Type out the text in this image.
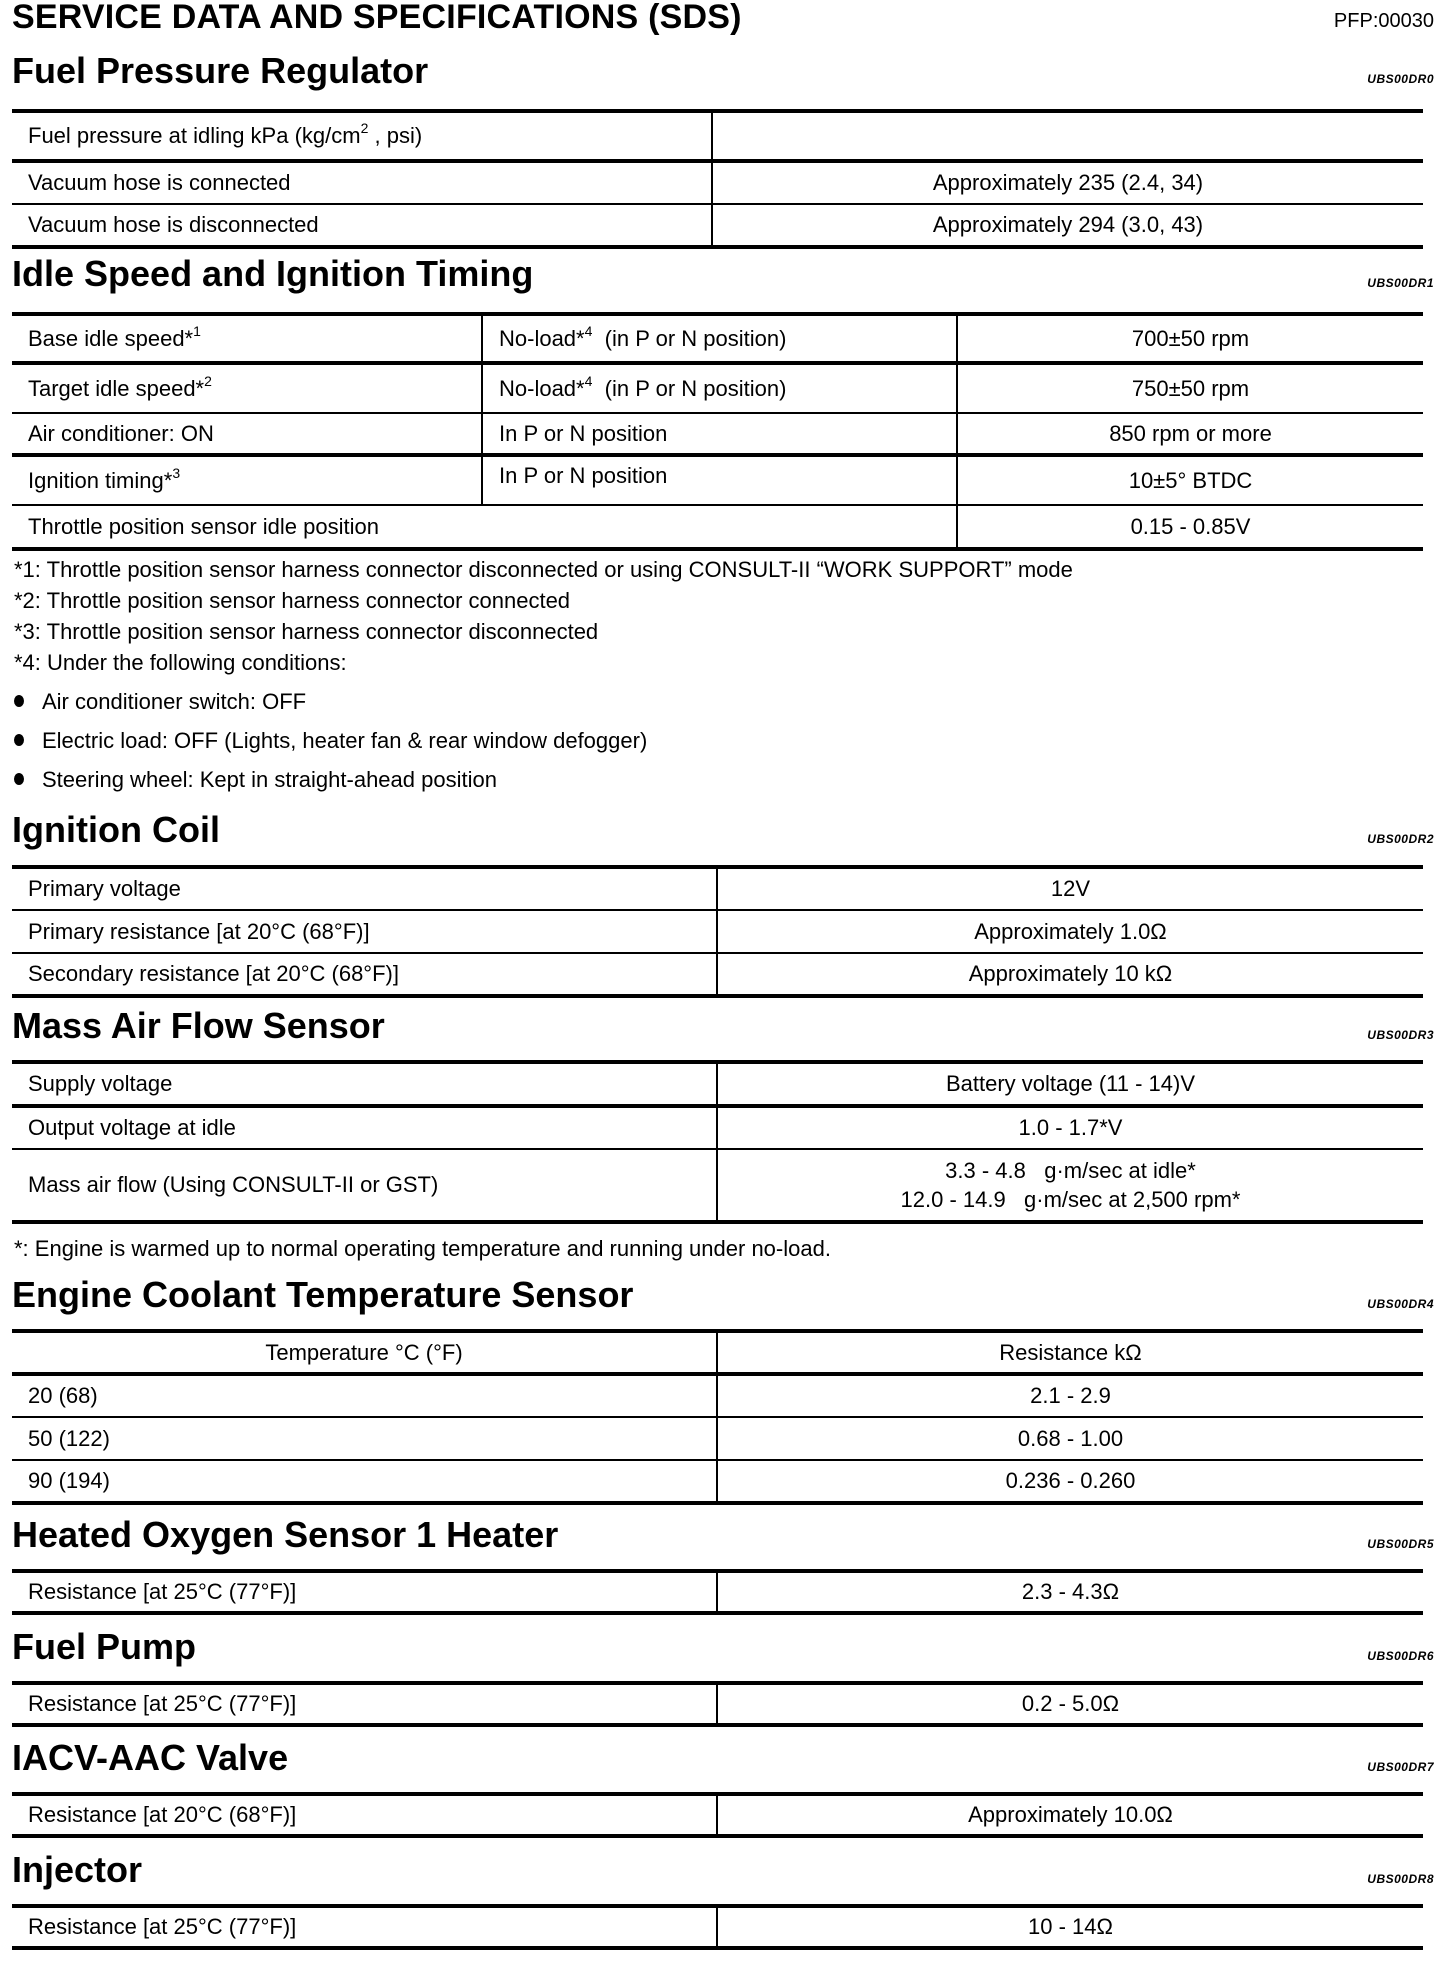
SERVICE DATA AND SPECIFICATIONS (SDS)	PFP:00030
Fuel Pressure Regulator	UBS00DR0
Fuel pressure at idling kPa ($kg/cm^2$ , psi)	
Vacuum hose is connected	Approximately 235 (2.4, 34)
Vacuum hose is disconnected	Approximately 294 (3.0, 43)
Idle Speed and Ignition Timing	UBS00DR1
Base idle speed*$^1$	No-load*$^4$  (in P or N position)	700±50 rpm
Target idle speed*$^2$	No-load*$^4$  (in P or N position)	750±50 rpm
Air conditioner: ON	In P or N position	850 rpm or more
Ignition timing*$^3$	In P or N position	10±5° BTDC
Throttle position sensor idle position		0.15 - 0.85V
*1: Throttle position sensor harness connector disconnected or using CONSULT-II “WORK SUPPORT” mode
*2: Throttle position sensor harness connector connected
*3: Throttle position sensor harness connector disconnected
*4: Under the following conditions:
Air conditioner switch: OFF
Electric load: OFF (Lights, heater fan & rear window defogger)
Steering wheel: Kept in straight-ahead position
Ignition Coil	UBS00DR2
Primary voltage	12V
Primary resistance [at 20°C (68°F)]	Approximately 1.0Ω
Secondary resistance [at 20°C (68°F)]	Approximately 10 kΩ
Mass Air Flow Sensor	UBS00DR3
Supply voltage	Battery voltage (11 - 14)V
Output voltage at idle	1.0 - 1.7*V
Mass air flow (Using CONSULT-II or GST)	3.3 - 4.8   g·m/sec at idle*
12.0 - 14.9   g·m/sec at 2,500 rpm*
*: Engine is warmed up to normal operating temperature and running under no-load.
Engine Coolant Temperature Sensor	UBS00DR4
Temperature °C (°F)	Resistance kΩ
20 (68)	2.1 - 2.9
50 (122)	0.68 - 1.00
90 (194)	0.236 - 0.260
Heated Oxygen Sensor 1 Heater	UBS00DR5
Resistance [at 25°C (77°F)]	2.3 - 4.3Ω
Fuel Pump	UBS00DR6
Resistance [at 25°C (77°F)]	0.2 - 5.0Ω
IACV-AAC Valve	UBS00DR7
Resistance [at 20°C (68°F)]	Approximately 10.0Ω
Injector	UBS00DR8
Resistance [at 25°C (77°F)]	10 - 14Ω
